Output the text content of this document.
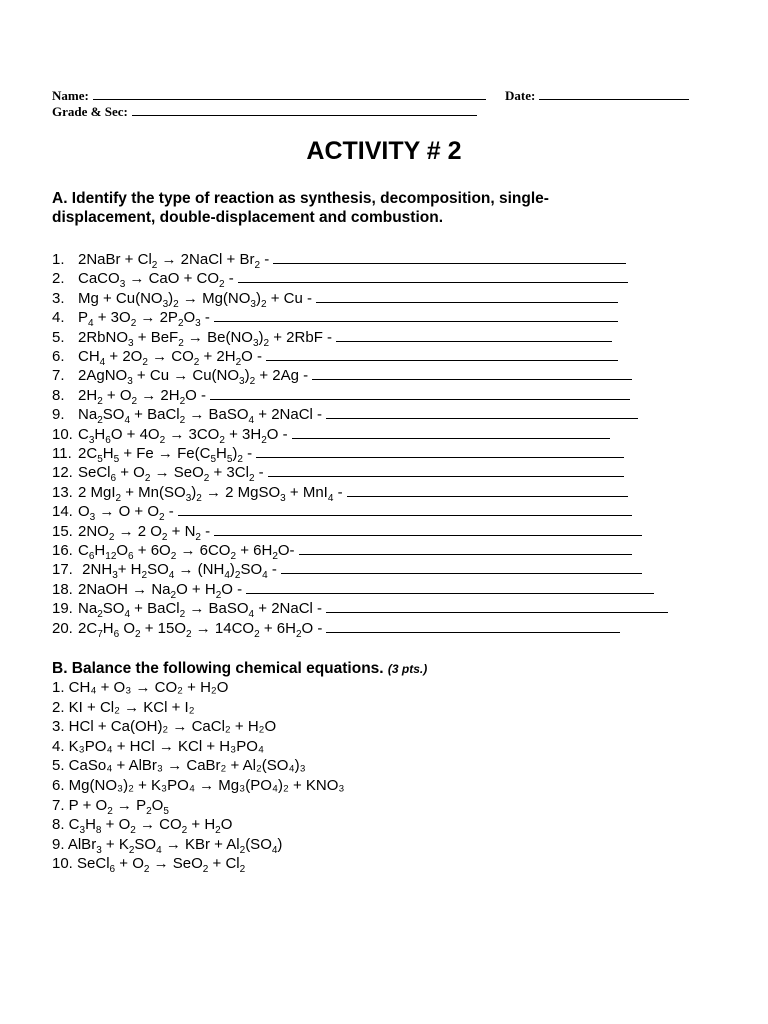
Name:	Date:
Grade & Sec:
ACTIVITY # 2
A. Identify the type of reaction as synthesis, decomposition, single-displacement, double-displacement and combustion.
1. 2NaBr + $Cl_2$ → 2NaCl + $Br_2$ -
2. CaCO$_3$ → CaO + $CO_2$ -
3. $Mg + Cu(NO_3)_2 \to Mg(NO_3)_2 + Cu$ -
4. $P_4 + 3O_2 \to 2P_2O_3$ -
5. 2RbNO$_3$ + $BeF_2 \to Be(NO_3)_2 + 2RbF$ -
6. $CH_4 + 2O_2 \to CO_2 + 2H_2O$ -
7. 2AgNO$_3$ + $Cu \to Cu(NO_3)_2 + 2Ag$ -
8. $2H_2 + O_2 \to 2H_2O$ -
9. $Na_2SO_4$ + BaCl$_2$ → BaSO$_4$ + 2NaCl -
10. $C_3H_6O + 4O_2 \to 3CO_2 + 3H_2O$ -
11. $2C_5H_5 + Fe \to Fe(C_5H_5)_2$ -
12. SeCl$_6$ + $O_2 \to SeO_2 + 3Cl_2$ -
13. 2 $MgI_2 + Mn(SO_3)_2 \to 2$ MgSO$_3$ + MnI$_4$ -
14. $O_3 \to O + O_2$ -
15. $2NO_2 \to 2$ $O_2 + N_2$ -
16. $C_6H_{12}O_6 + 6O_2 \to 6CO_2 + 6H_2O-$
17. $2NH_3+ H_2SO_4 \to (NH_4)_2SO_4$ -
18. 2NaOH → $Na_2O + H_2O$ -
19. $Na_2SO_4$ + BaCl$_2$ → BaSO$_4$ + 2NaCl -
20. $2C_7H_6$ $O_2 + 15O_2 \to 14CO_2 + 6H_2O$ -
B. Balance the following chemical equations. (3 pts.)
1. CH₄ + O₃ → CO₂ + H₂O
2. KI + Cl₂ → KCl + I₂
3. HCl + Ca(OH)₂ → CaCl₂ + H₂O
4. K₃PO₄ + HCl → KCl + H₃PO₄
5. CaSo₄ + AlBr₃ → CaBr₂ + Al₂(SO₄)₃
6. Mg(NO₃)₂ + K₃PO₄ → Mg₃(PO₄)₂ + KNO₃
7. $P + O_2 \to P_2O_5$
8. $C_3H_8 + O_2 \to CO_2 + H_2O$
9. AlBr$_3$ + $K_2SO_4$ → KBr + $Al_2(SO_4)$
10. SeCl$_6$ + $O_2 \to SeO_2 + Cl_2$
